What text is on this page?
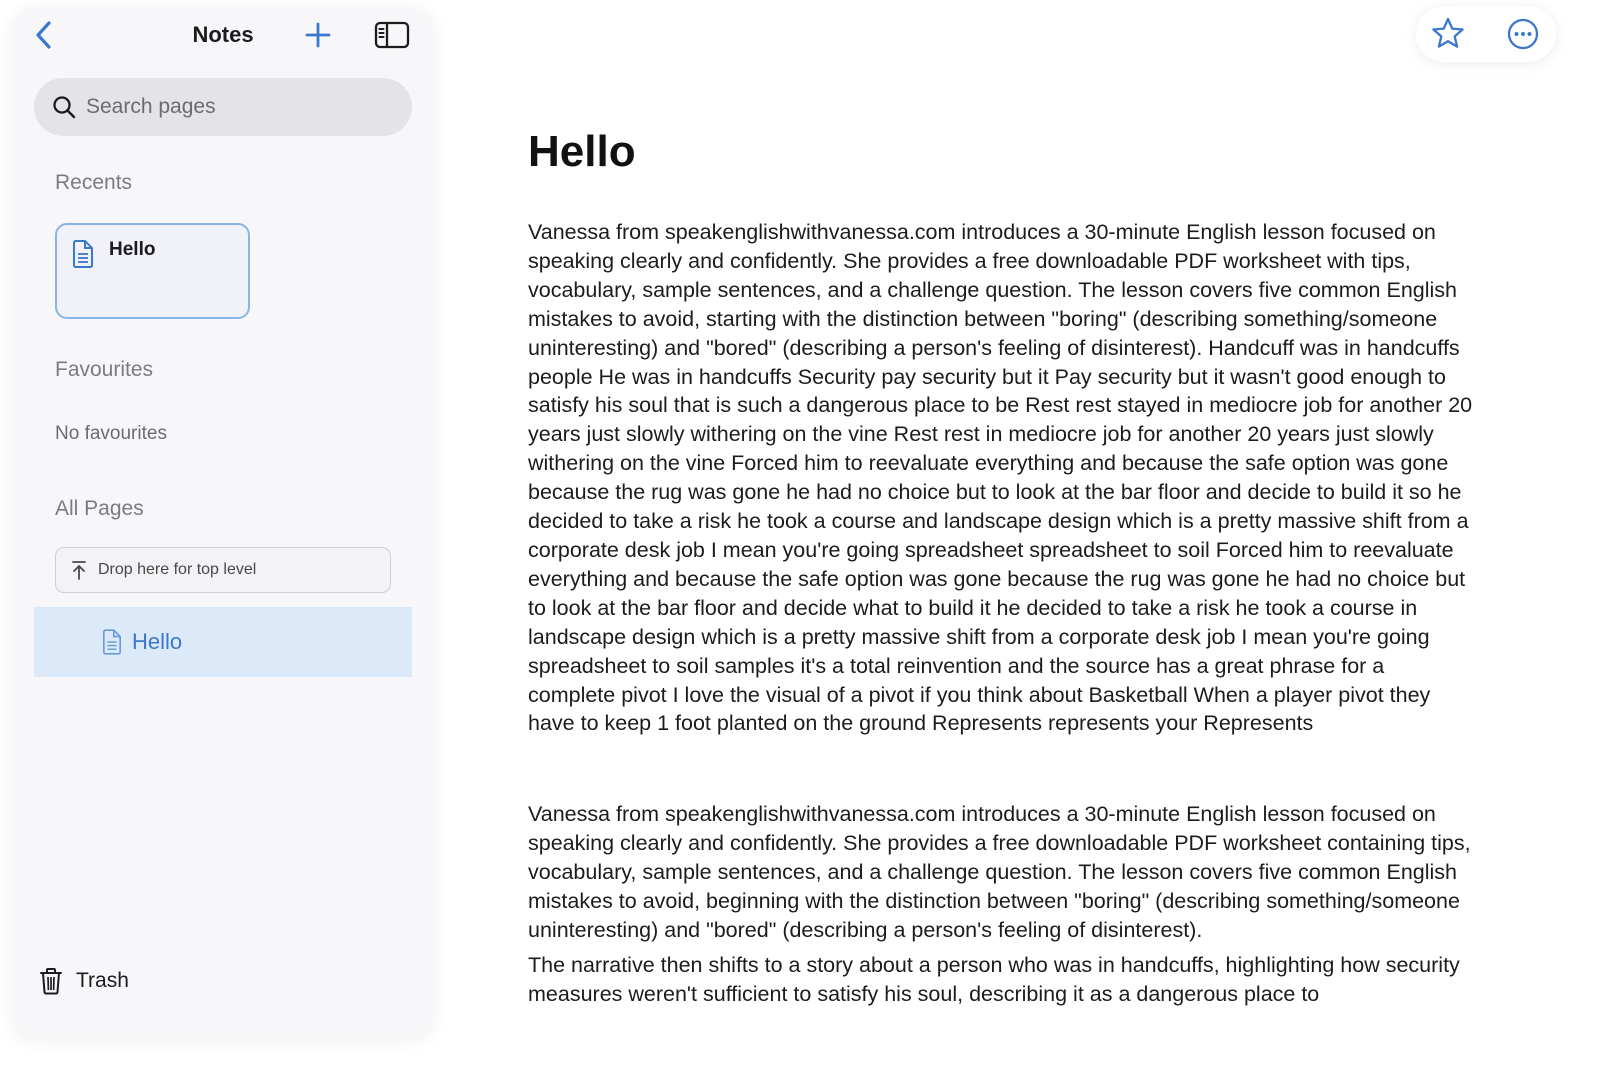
Notes
Search pages
Recents
Hello
Favourites
No favourites
All Pages
Drop here for top level
Hello
Trash
Hello

Vanessa from speakenglishwithvanessa.com introduces a 30-minute English lesson focused on speaking clearly and confidently. She provides a free downloadable PDF worksheet with tips, vocabulary, sample sentences, and a challenge question. The lesson covers five common English mistakes to avoid, starting with the distinction between "boring" (describing something/someone uninteresting) and "bored" (describing a person's feeling of disinterest). Handcuff was in handcuffs people He was in handcuffs Security pay security but it Pay security but it wasn't good enough to satisfy his soul that is such a dangerous place to be Rest rest stayed in mediocre job for another 20 years just slowly withering on the vine Rest rest in mediocre job for another 20 years just slowly withering on the vine Forced him to reevaluate everything and because the safe option was gone because the rug was gone he had no choice but to look at the bar floor and decide to build it so he decided to take a risk he took a course and landscape design which is a pretty massive shift from a corporate desk job I mean you're going spreadsheet spreadsheet to soil Forced him to reevaluate everything and because the safe option was gone because the rug was gone he had no choice but to look at the bar floor and decide what to build it he decided to take a risk he took a course in landscape design which is a pretty massive shift from a corporate desk job I mean you're going spreadsheet to soil samples it's a total reinvention and the source has a great phrase for a complete pivot I love the visual of a pivot if you think about Basketball When a player pivot they have to keep 1 foot planted on the ground Represents represents your Represents

Vanessa from speakenglishwithvanessa.com introduces a 30-minute English lesson focused on speaking clearly and confidently. She provides a free downloadable PDF worksheet containing tips, vocabulary, sample sentences, and a challenge question. The lesson covers five common English mistakes to avoid, beginning with the distinction between "boring" (describing something/someone uninteresting) and "bored" (describing a person's feeling of disinterest).

The narrative then shifts to a story about a person who was in handcuffs, highlighting how security measures weren't sufficient to satisfy his soul, describing it as a dangerous place to
